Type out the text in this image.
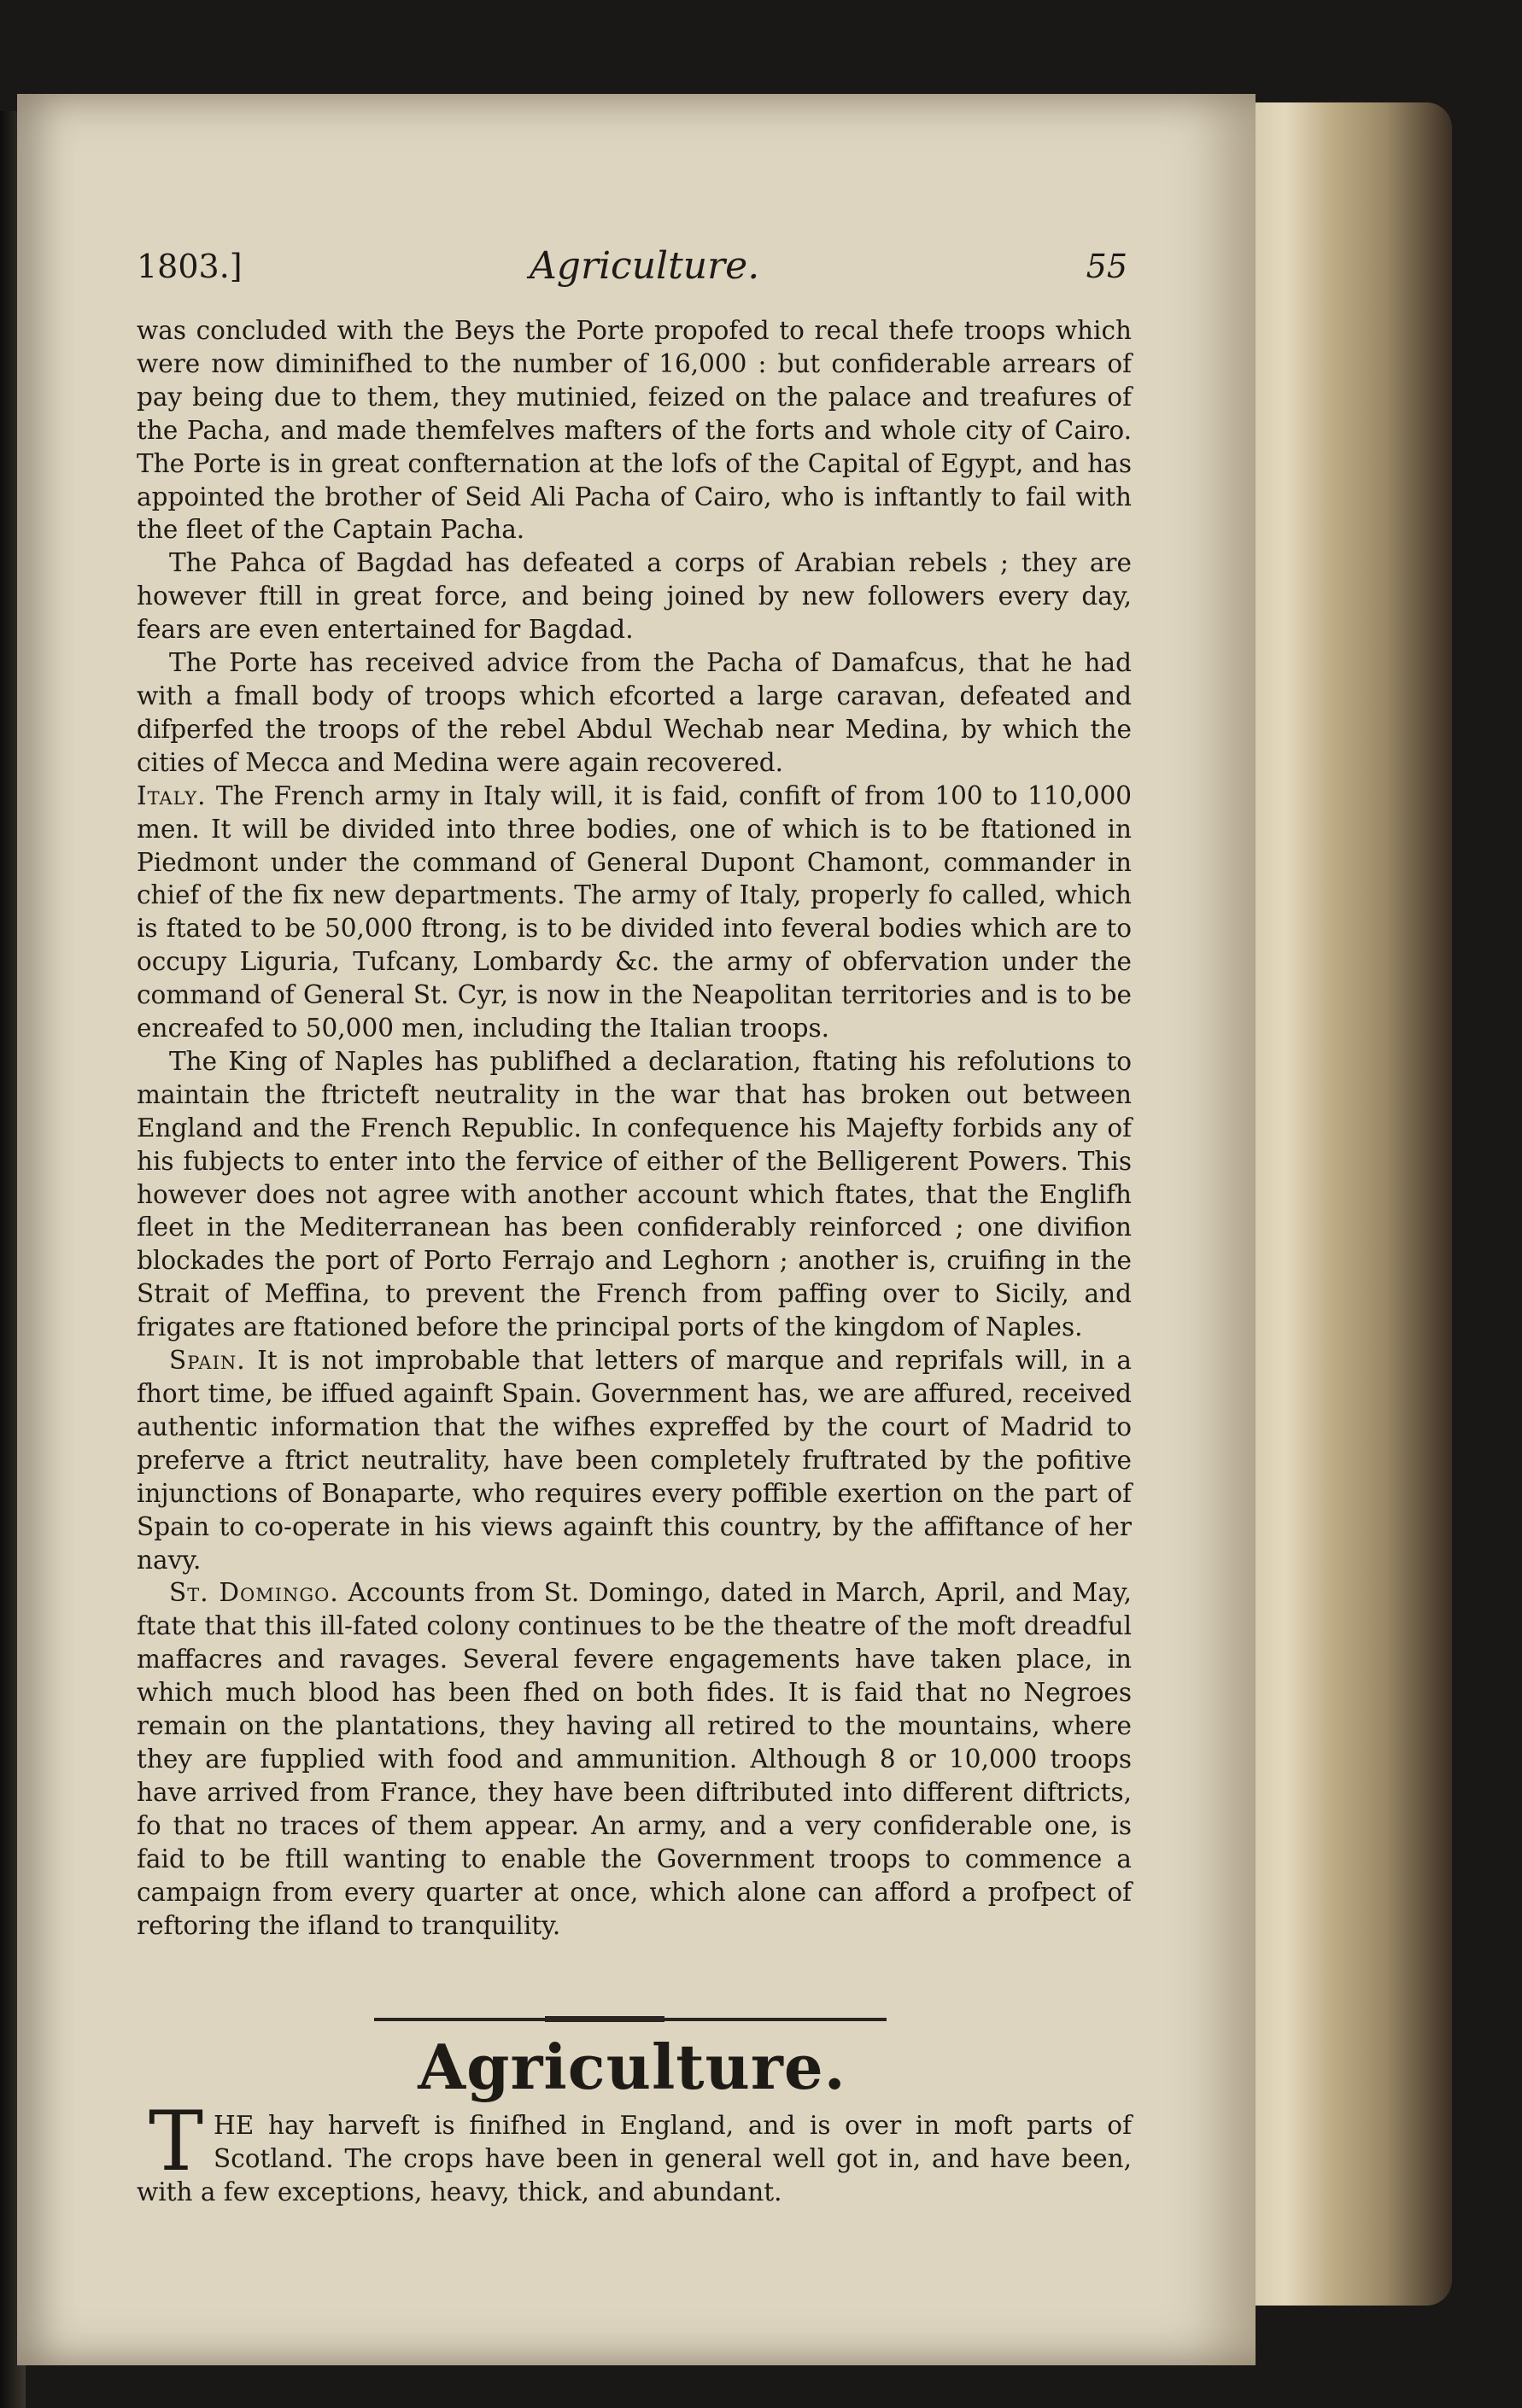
1803.]	Agriculture.	55

was concluded with the Beys the Porte propofed to recal thefe troops which were now diminifhed to the number of 16,000 : but confiderable arrears of pay being due to them, they mutinied, feized on the palace and treafures of the Pacha, and made themfelves mafters of the forts and whole city of Cairo. The Porte is in great confternation at the lofs of the Capital of Egypt, and has appointed the brother of Seid Ali Pacha of Cairo, who is inftantly to fail with the fleet of the Captain Pacha.

The Pahca of Bagdad has defeated a corps of Arabian rebels ; they are however ftill in great force, and being joined by new followers every day, fears are even entertained for Bagdad.

The Porte has received advice from the Pacha of Damafcus, that he had with a fmall body of troops which efcorted a large caravan, defeated and difperfed the troops of the rebel Abdul Wechab near Medina, by which the cities of Mecca and Medina were again recovered.

Italy. The French army in Italy will, it is faid, confift of from 100 to 110,000 men. It will be divided into three bodies, one of which is to be ftationed in Piedmont under the command of General Dupont Chamont, commander in chief of the fix new departments. The army of Italy, properly fo called, which is ftated to be 50,000 ftrong, is to be divided into feveral bodies which are to occupy Liguria, Tufcany, Lombardy &c. the army of obfervation under the command of General St. Cyr, is now in the Neapolitan territories and is to be encreafed to 50,000 men, including the Italian troops.

The King of Naples has publifhed a declaration, ftating his refolutions to maintain the ftricteft neutrality in the war that has broken out between England and the French Republic. In confequence his Majefty forbids any of his fubjects to enter into the fervice of either of the Belligerent Powers. This however does not agree with another account which ftates, that the Englifh fleet in the Mediterranean has been confiderably reinforced ; one divifion blockades the port of Porto Ferrajo and Leghorn ; another is, cruifing in the Strait of Meffina, to prevent the French from paffing over to Sicily, and frigates are ftationed before the principal ports of the kingdom of Naples.

Spain. It is not improbable that letters of marque and reprifals will, in a fhort time, be iffued againft Spain. Government has, we are affured, received authentic information that the wifhes expreffed by the court of Madrid to preferve a ftrict neutrality, have been completely fruftrated by the pofitive injunctions of Bonaparte, who requires every poffible exertion on the part of Spain to co-operate in his views againft this country, by the affiftance of her navy.

St. Domingo. Accounts from St. Domingo, dated in March, April, and May, ftate that this ill-fated colony continues to be the theatre of the moft dreadful maffacres and ravages. Several fevere engagements have taken place, in which much blood has been fhed on both fides. It is faid that no Negroes remain on the plantations, they having all retired to the mountains, where they are fupplied with food and ammunition. Although 8 or 10,000 troops have arrived from France, they have been diftributed into different diftricts, fo that no traces of them appear. An army, and a very confiderable one, is faid to be ftill wanting to enable the Government troops to commence a campaign from every quarter at once, which alone can afford a profpect of reftoring the ifland to tranquility.

Agriculture.
THE hay harveft is finifhed in England, and is over in moft parts of Scotland. The crops have been in general well got in, and have been, with a few exceptions, heavy, thick, and abundant.
